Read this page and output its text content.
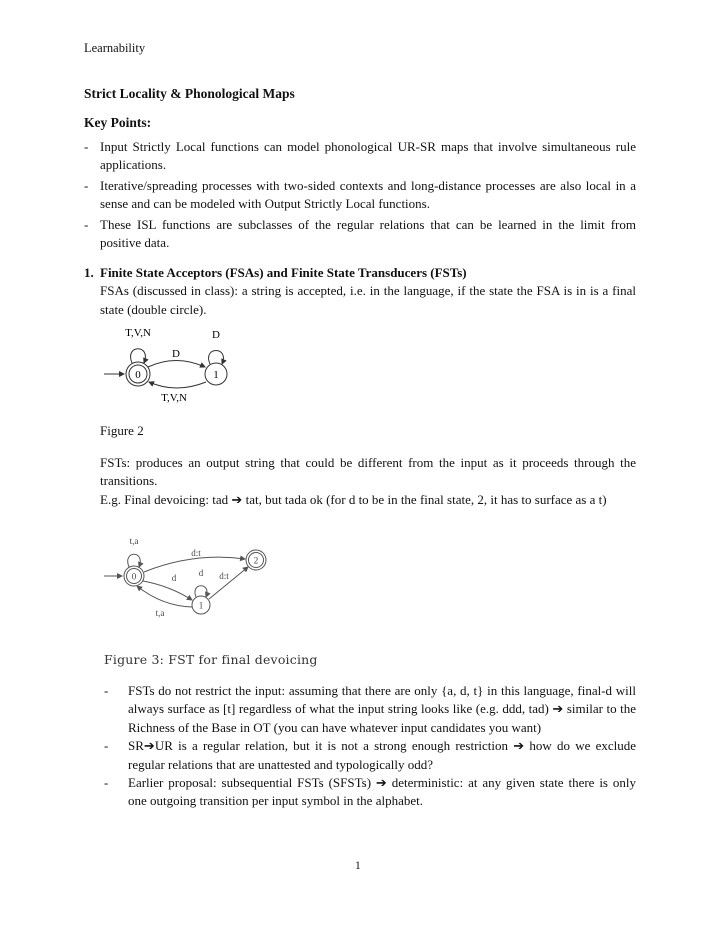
Learnability
Strict Locality & Phonological Maps
Key Points:
- Input Strictly Local functions can model phonological UR-SR maps that involve simultaneous rule applications.
- Iterative/spreading processes with two-sided contexts and long-distance processes are also local in a sense and can be modeled with Output Strictly Local functions.
- These ISL functions are subclasses of the regular relations that can be learned in the limit from positive data.
1. Finite State Acceptors (FSAs) and Finite State Transducers (FSTs)
FSAs (discussed in class): a string is accepted, i.e. in the language, if the state the FSA is in is a final state (double circle).
0	1
T,V,N	D
D
T,V,N
Figure 2
FSTs: produces an output string that could be different from the input as it proceeds through the transitions.
E.g. Final devoicing: tad ➔ tat, but tada ok (for d to be in the final state, 2, it has to surface as a t)
0
2
1
t,a
d:t
d	d d:t
t,a
Figure 3: FST for final devoicing
- FSTs do not restrict the input: assuming that there are only {a, d, t} in this language, final-d will always surface as [t] regardless of what the input string looks like (e.g. ddd, tad) ➔ similar to the Richness of the Base in OT (you can have whatever input candidates you want)
- SR➔UR is a regular relation, but it is not a strong enough restriction ➔ how do we exclude regular relations that are unattested and typologically odd?
- Earlier proposal: subsequential FSTs (SFSTs) ➔ deterministic: at any given state there is only one outgoing transition per input symbol in the alphabet.
1
